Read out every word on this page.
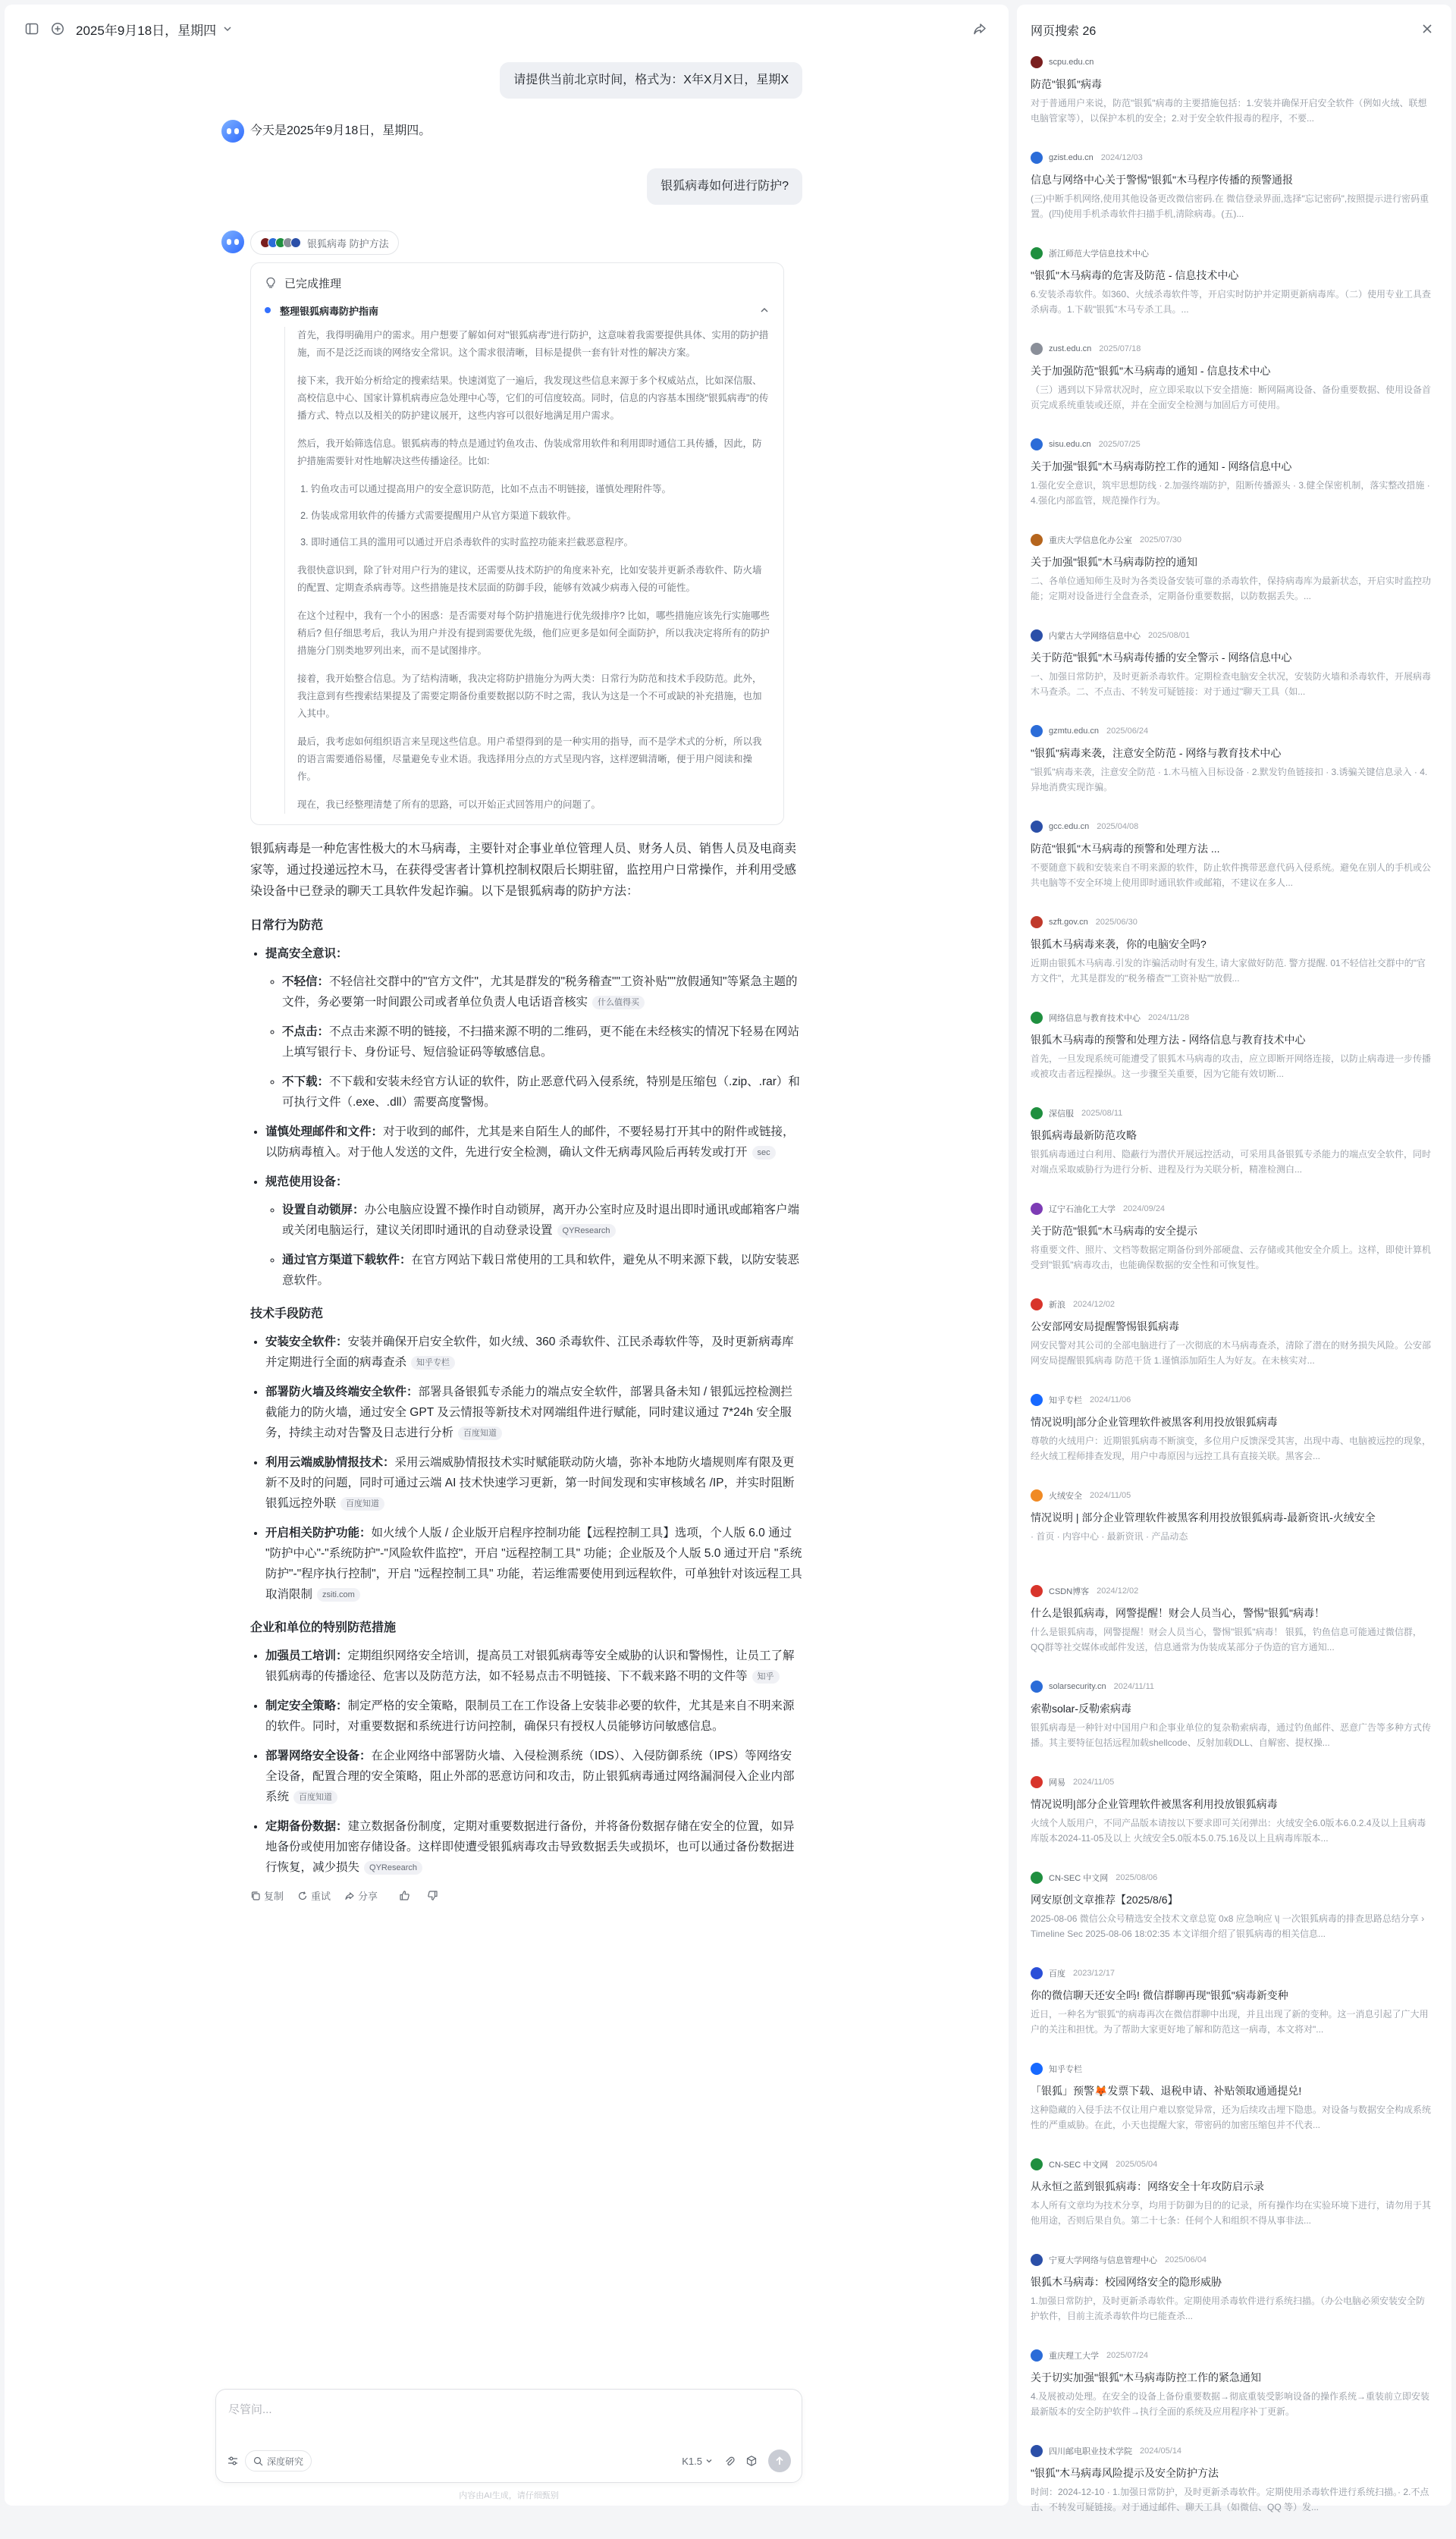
2025年9月18日，星期四
请提供当前北京时间，格式为：X年X月X日，星期X
今天是2025年9月18日，星期四。
银狐病毒如何进行防护?
银狐病毒 防护方法
已完成推理
整理银狐病毒防护指南

首先，我得明确用户的需求。用户想要了解如何对"银狐病毒"进行防护，这意味着我需要提供具体、实用的防护措施，而不是泛泛而谈的网络安全常识。这个需求很清晰，目标是提供一套有针对性的解决方案。

接下来，我开始分析给定的搜索结果。快速浏览了一遍后，我发现这些信息来源于多个权威站点，比如深信服、高校信息中心、国家计算机病毒应急处理中心等，它们的可信度较高。同时，信息的内容基本围绕"银狐病毒"的传播方式、特点以及相关的防护建议展开，这些内容可以很好地满足用户需求。

然后，我开始筛选信息。银狐病毒的特点是通过钓鱼攻击、伪装成常用软件和利用即时通信工具传播，因此，防护措施需要针对性地解决这些传播途径。比如:

1. 钓鱼攻击可以通过提高用户的安全意识防范，比如不点击不明链接，谨慎处理附件等。
2. 伪装成常用软件的传播方式需要提醒用户从官方渠道下载软件。
3. 即时通信工具的滥用可以通过开启杀毒软件的实时监控功能来拦截恶意程序。

我很快意识到，除了针对用户行为的建议，还需要从技术防护的角度来补充，比如安装并更新杀毒软件、防火墙的配置、定期查杀病毒等。这些措施是技术层面的防御手段，能够有效减少病毒入侵的可能性。

在这个过程中，我有一个小的困惑：是否需要对每个防护措施进行优先级排序? 比如，哪些措施应该先行实施哪些稍后? 但仔细思考后，我认为用户并没有提到需要优先级，他们应更多是如何全面防护，所以我决定将所有的防护措施分门别类地罗列出来，而不是试图排序。

接着，我开始整合信息。为了结构清晰，我决定将防护措施分为两大类：日常行为防范和技术手段防范。此外，我注意到有些搜索结果提及了需要定期备份重要数据以防不时之需，我认为这是一个不可或缺的补充措施，也加入其中。

最后，我考虑如何组织语言来呈现这些信息。用户希望得到的是一种实用的指导，而不是学术式的分析，所以我的语言需要通俗易懂，尽量避免专业术语。我选择用分点的方式呈现内容，这样逻辑清晰，便于用户阅读和操作。

现在，我已经整理清楚了所有的思路，可以开始正式回答用户的问题了。

银狐病毒是一种危害性极大的木马病毒，主要针对企事业单位管理人员、财务人员、销售人员及电商卖家等，通过投递远控木马，在获得受害者计算机控制权限后长期驻留，监控用户日常操作，并利用受感染设备中已登录的聊天工具软件发起诈骗。以下是银狐病毒的防护方法：

日常行为防范
• 提高安全意识：
◦ 不轻信：不轻信社交群中的"官方文件"，尤其是群发的"税务稽查""工资补贴""放假通知"等紧急主题的文件，务必要第一时间跟公司或者单位负责人电话语音核实 什么值得买
◦ 不点击：不点击来源不明的链接，不扫描来源不明的二维码，更不能在未经核实的情况下轻易在网站上填写银行卡、身份证号、短信验证码等敏感信息。
◦ 不下载：不下载和安装未经官方认证的软件，防止恶意代码入侵系统，特别是压缩包（.zip、.rar）和可执行文件（.exe、.dll）需要高度警惕。
• 谨慎处理邮件和文件：对于收到的邮件，尤其是来自陌生人的邮件，不要轻易打开其中的附件或链接，以防病毒植入。对于他人发送的文件，先进行安全检测，确认文件无病毒风险后再转发或打开 sec
• 规范使用设备：
◦ 设置自动锁屏：办公电脑应设置不操作时自动锁屏，离开办公室时应及时退出即时通讯或邮箱客户端或关闭电脑运行，建议关闭即时通讯的自动登录设置 QYResearch
◦ 通过官方渠道下载软件：在官方网站下载日常使用的工具和软件，避免从不明来源下载，以防安装恶意软件。
技术手段防范
• 安装安全软件：安装并确保开启安全软件，如火绒、360 杀毒软件、江民杀毒软件等，及时更新病毒库并定期进行全面的病毒查杀 知乎专栏
• 部署防火墙及终端安全软件：部署具备银狐专杀能力的端点安全软件，部署具备未知 / 银狐远控检测拦截能力的防火墙，通过安全 GPT 及云情报等新技术对网端组件进行赋能，同时建议通过 7*24h 安全服务，持续主动对告警及日志进行分析 百度知道
• 利用云端威胁情报技术：采用云端威胁情报技术实时赋能联动防火墙，弥补本地防火墙规则库有限及更新不及时的问题，同时可通过云端 AI 技术快速学习更新，第一时间发现和实审核域名 /IP，并实时阻断银狐远控外联 百度知道
• 开启相关防护功能：如火绒个人版 / 企业版开启程序控制功能【远程控制工具】选项，个人版 6.0 通过 "防护中心"-"系统防护"-"风险软件监控"，开启 "远程控制工具" 功能；企业版及个人版 5.0 通过开启 "系统防护"-"程序执行控制"，开启 "远程控制工具" 功能，若运维需要使用到远程软件，可单独针对该远程工具取消限制 zsiti.com
企业和单位的特别防范措施
• 加强员工培训：定期组织网络安全培训，提高员工对银狐病毒等安全威胁的认识和警惕性，让员工了解银狐病毒的传播途径、危害以及防范方法，如不轻易点击不明链接、下不载来路不明的文件等 知乎
• 制定安全策略：制定严格的安全策略，限制员工在工作设备上安装非必要的软件，尤其是来自不明来源的软件。同时，对重要数据和系统进行访问控制，确保只有授权人员能够访问敏感信息。
• 部署网络安全设备：在企业网络中部署防火墙、入侵检测系统（IDS）、入侵防御系统（IPS）等网络安全设备，配置合理的安全策略，阻止外部的恶意访问和攻击，防止银狐病毒通过网络漏洞侵入企业内部系统 百度知道
• 定期备份数据：建立数据备份制度，定期对重要数据进行备份，并将备份数据存储在安全的位置，如异地备份或使用加密存储设备。这样即使遭受银狐病毒攻击导致数据丢失或损坏，也可以通过备份数据进行恢复，减少损失 QYResearch
复制	重试	分享
尽管问...
深度研究	K1.5
内容由AI生成，请仔细甄别
网页搜索 26
scpu.edu.cn
防范"银狐"病毒
对于普通用户来说，防范"银狐"病毒的主要措施包括：1.安装并确保开启安全软件（例如火绒、联想电脑管家等），以保护本机的安全；2.对于安全软件报毒的程序，不要...
gzist.edu.cn 2024/12/03
信息与网络中心关于警惕"银狐"木马程序传播的预警通报
(三)中断手机网络,使用其他设备更改微信密码.在 微信登录界面,选择"忘记密码",按照提示进行密码重置。(四)使用手机杀毒软件扫描手机,清除病毒。(五)...
浙江师范大学信息技术中心
"银狐"木马病毒的危害及防范 - 信息技术中心
6.安装杀毒软件。如360、火绒杀毒软件等，开启实时防护并定期更新病毒库。（二）使用专业工具查杀病毒。1.下载"银狐"木马专杀工具。...
zust.edu.cn 2025/07/18
关于加强防范"银狐"木马病毒的通知 - 信息技术中心
（三）遇到以下异常状况时，应立即采取以下安全措施：断网隔离设备、备份重要数据、使用设备首页完成系统重装或还原，并在全面安全检测与加固后方可使用。
sisu.edu.cn 2025/07/25
关于加强"银狐"木马病毒防控工作的通知 - 网络信息中心
1.强化安全意识，筑牢思想防线 · 2.加强终端防护，阻断传播源头 · 3.健全保密机制，落实整改措施 · 4.强化内部监管，规范操作行为。
重庆大学信息化办公室 2025/07/30
关于加强"银狐"木马病毒防控的通知
二、各单位通知师生及时为各类设备安装可靠的杀毒软件，保持病毒库为最新状态，开启实时监控功能；定期对设备进行全盘查杀，定期备份重要数据，以防数据丢失。...
内蒙古大学网络信息中心 2025/08/01
关于防范"银狐"木马病毒传播的安全警示 - 网络信息中心
一、加强日常防护，及时更新杀毒软件。定期检查电脑安全状况，安装防火墙和杀毒软件，开展病毒木马查杀。二、不点击、不转发可疑链接：对于通过"聊天工具（如...
gzmtu.edu.cn 2025/06/24
"银狐"病毒来袭，注意安全防范 - 网络与教育技术中心
"银狐"病毒来袭，注意安全防范 · 1.木马植入目标设备 · 2.默发钓鱼链接扣 · 3.诱骗关键信息录入 · 4.异地消费实现诈骗。
gcc.edu.cn 2025/04/08
防范"银狐"木马病毒的预警和处理方法 ...
不要随意下载和安装来自不明来源的软件，防止软件携带恶意代码入侵系统。避免在别人的手机或公共电脑等不安全环境上使用即时通讯软件或邮箱，不建议在多人...
szft.gov.cn 2025/06/30
银狐木马病毒来袭，你的电脑安全吗?
近期由银狐木马病毒.引发的诈骗活动时有发生, 请大家做好防范. 警方提醒. 01不轻信社交群中的"官方文件"，尤其是群发的"税务稽查""工资补贴""放假...
网络信息与教育技术中心 2024/11/28
银狐木马病毒的预警和处理方法 - 网络信息与教育技术中心
首先，一旦发现系统可能遭受了银狐木马病毒的攻击，应立即断开网络连接，以防止病毒进一步传播或被攻击者远程操纵。这一步骤至关重要，因为它能有效切断...
深信服 2025/08/11
银狐病毒最新防范攻略
银狐病毒通过白利用、隐蔽行为潜伏开展远控活动，可采用具备银狐专杀能力的端点安全软件，同时对端点采取威胁行为进行分析、进程及行为关联分析，精准检测白...
辽宁石油化工大学 2024/09/24
关于防范"银狐"木马病毒的安全提示
将重要文件、照片、文档等数据定期备份到外部硬盘、云存储或其他安全介质上。这样，即使计算机受到"银狐"病毒攻击，也能确保数据的安全性和可恢复性。
新浪 2024/12/02
公安部网安局提醒警惕银狐病毒
网安民警对其公司的全部电脑进行了一次彻底的木马病毒查杀，清除了潜在的财务损失风险。公安部网安局提醒银狐病毒 防范干货 1.谨慎添加陌生人为好友。在未核实对...
知乎专栏 2024/11/06
情况说明|部分企业管理软件被黑客利用投放银狐病毒
尊敬的火绒用户：近期银狐病毒不断演变，多位用户反馈深受其害，出现中毒、电脑被远控的现象，经火绒工程师排查发现，用户中毒原因与远控工具有直接关联。黑客会...
火绒安全 2024/11/05
情况说明 | 部分企业管理软件被黑客利用投放银狐病毒-最新资讯-火绒安全
· 首页 · 内容中心 · 最新资讯 · 产品动态
CSDN博客 2024/12/02
什么是银狐病毒，网警提醒！财会人员当心，警惕"银狐"病毒！
什么是银狐病毒，网警提醒！财会人员当心，警惕"银狐"病毒！ 银狐，钓鱼信息可能通过微信群，QQ群等社交媒体或邮件发送，信息通常为伪装成某部分子伪造的官方通知...
solarsecurity.cn 2024/11/11
索勒solar-反勒索病毒
银狐病毒是一种针对中国用户和企事业单位的复杂勒索病毒，通过钓鱼邮件、恶意广告等多种方式传播。其主要特征包括远程加载shellcode、反射加载DLL、自解密、提权操...
网易 2024/11/05
情况说明|部分企业管理软件被黑客利用投放银狐病毒
火绒个人版用户，不同产品版本请按以下要求即可关闭弹出：火绒安全6.0版本6.0.2.4及以上且病毒库版本2024-11-05及以上 火绒安全5.0版本5.0.75.16及以上且病毒库版本...
CN-SEC 中文网 2025/08/06
网安原创文章推荐【2025/8/6】
2025-08-06 微信公众号精选安全技术文章总览 0x8 应急响应 \| 一次银狐病毒的排查思路总结分享 › Timeline Sec 2025-08-06 18:02:35 本文详细介绍了银狐病毒的相关信息...
百度 2023/12/17
你的微信聊天还安全吗! 微信群聊再现"银狐"病毒新变种
近日，一种名为"银狐"的病毒再次在微信群聊中出现，并且出现了新的变种。这一消息引起了广大用户的关注和担忧。为了帮助大家更好地了解和防范这一病毒，本文将对"...
知乎专栏
「银狐」预警🦊发票下载、退税申请、补贴领取通通提兑!
这种隐藏的入侵手法不仅让用户难以察觉异常，还为后续攻击埋下隐患。对设备与数据安全构成系统性的严重威胁。在此，小天也提醒大家，带密码的加密压缩包并不代表...
CN-SEC 中文网 2025/05/04
从永恒之蓝到银狐病毒：网络安全十年攻防启示录
本人所有文章均为技术分享，均用于防御为目的的记录，所有操作均在实验环境下进行，请勿用于其他用途，否则后果自负。第二十七条：任何个人和组织不得从事非法...
宁夏大学网络与信息管理中心 2025/06/04
银狐木马病毒：校园网络安全的隐形威胁
1.加强日常防护，及时更新杀毒软件。定期使用杀毒软件进行系统扫描。（办公电脑必须安装安全防护软件，目前主流杀毒软件均已能查杀...
重庆理工大学 2025/07/24
关于切实加强"银狐"木马病毒防控工作的紧急通知
4.及展被动处理。在安全的设备上备份重要数据→彻底重装受影响设备的操作系统→重装前立即安装最新版本的安全防护软件→执行全面的系统及应用程序补丁更新。
四川邮电职业技术学院 2024/05/14
"银狐"木马病毒风险提示及安全防护方法
时间：2024-12-10 · 1.加强日常防护，及时更新杀毒软件。定期使用杀毒软件进行系统扫描。· 2.不点击、不转发可疑链接。对于通过邮件、聊天工具（如微信、QQ 等）发...
